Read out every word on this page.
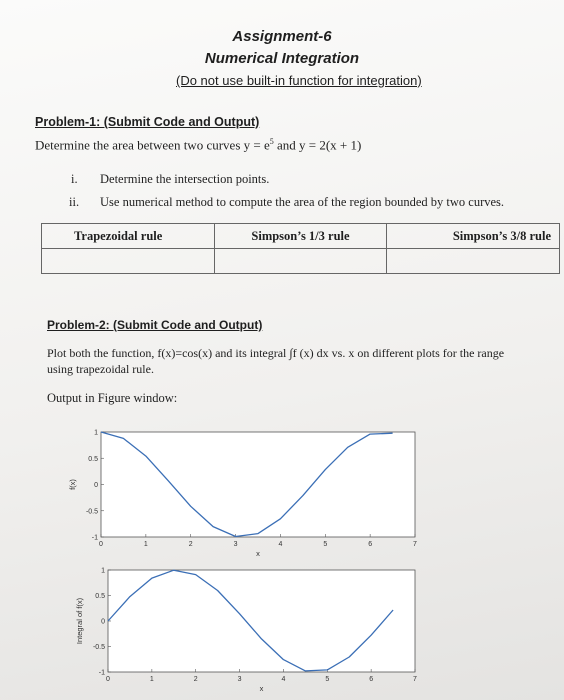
Assignment-6
Numerical Integration
(Do not use built-in function for integration)
Problem-1: (Submit Code and Output)
Determine the area between two curves $y = e^5$ and y = 2(x + 1)
i. Determine the intersection points.
ii. Use numerical method to compute the area of the region bounded by two curves.
Trapezoidal rule	Simpson’s 1/3 rule	Simpson’s 3/8 rule

Problem-2: (Submit Code and Output)
Plot both the function, f(x)=cos(x) and its integral ∫f (x) dx vs. x on different plots for the range
using trapezoidal rule.
Output in Figure window:
0	1	2	3	4	5	6	7
-1
-0.5
0
0.5
1
x
f(x)
0	1	2	3	4	5	6	7
-1
-0.5
0
0.5
1
x
Integral of f(x)
